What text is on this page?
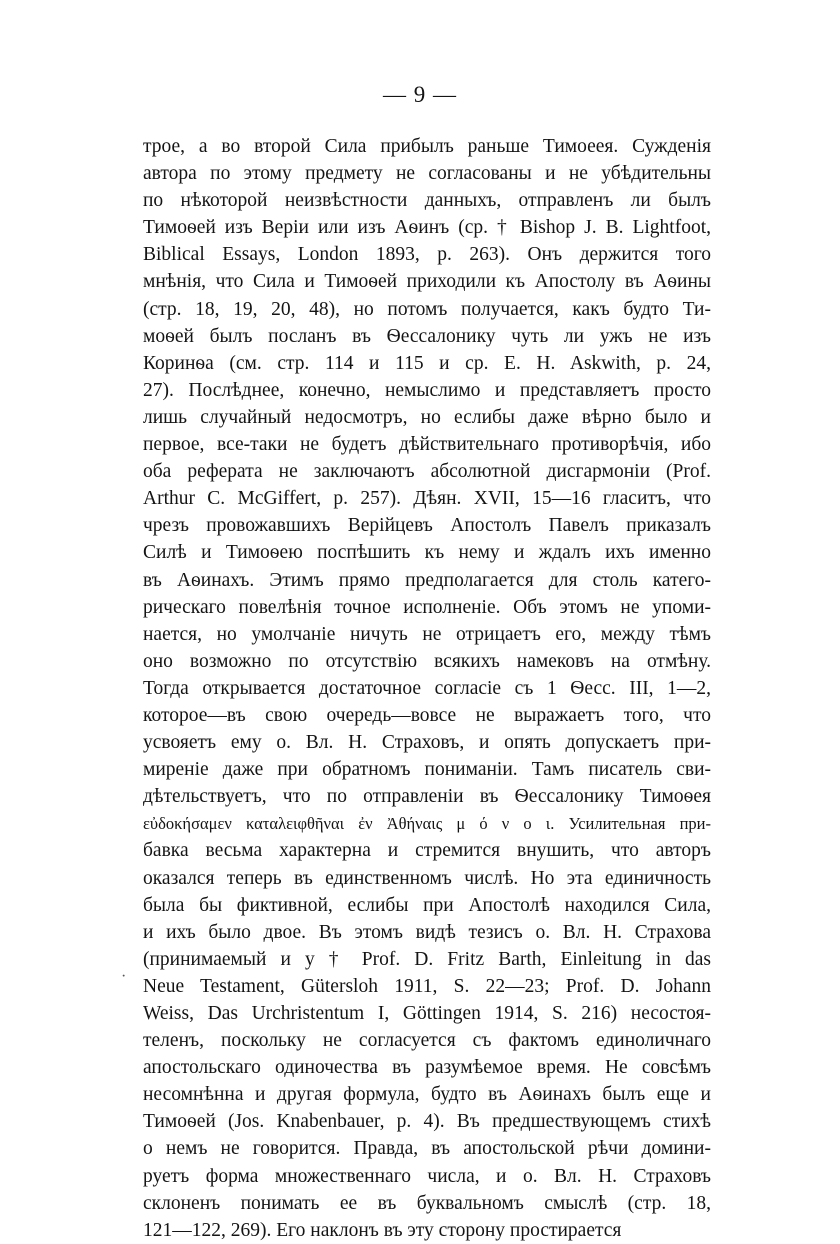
— 9 —
·
трое, а во второй Сила прибылъ раньше Тимоеея. Сужденія
автора по этому предмету не согласованы и не убѣдительны
по нѣкоторой неизвѣстности данныхъ, отправленъ ли былъ
Тимоѳей изъ Веріи или изъ Аѳинъ (ср. † Bishop J. B. Lightfoot,
Biblical Essays, London 1893, p. 263). Онъ держится того
мнѣнія, что Сила и Тимоѳей приходили къ Апостолу въ Аѳины
(стр. 18, 19, 20, 48), но потомъ получается, какъ будто Ти-
моѳей былъ посланъ въ Ѳессалонику чуть ли ужъ не изъ
Коринѳа (см. стр. 114 и 115 и ср. E. H. Askwith, p. 24,
27). Послѣднее, конечно, немыслимо и представляетъ просто
лишь случайный недосмотръ, но еслибы даже вѣрно было и
первое, все-таки не будетъ дѣйствительнаго противорѣчія, ибо
оба реферата не заключаютъ абсолютной дисгармоніи (Prof.
Arthur C. McGiffert, p. 257). Дѣян. XVII, 15—16 гласитъ, что
чрезъ провожавшихъ Верійцевъ Апостолъ Павелъ приказалъ
Силѣ и Тимоѳею поспѣшить къ нему и ждалъ ихъ именно
въ Аѳинахъ. Этимъ прямо предполагается для столь катего-
рическаго повелѣнія точное исполненіе. Объ этомъ не упоми-
нается, но умолчаніе ничуть не отрицаетъ его, между тѣмъ
оно возможно по отсутствію всякихъ намековъ на отмѣну.
Тогда открывается достаточное согласіе съ 1 Ѳесс. III, 1—2,
которое—въ свою очередь—вовсе не выражаетъ того, что
усвояетъ ему о. Вл. Н. Страховъ, и опять допускаетъ при-
миреніе даже при обратномъ пониманіи. Тамъ писатель сви-
дѣтельствуетъ, что по отправленіи въ Ѳессалонику Тимоѳея
εὐδοκήσαμεν καταλειφθῆναι ἐν Ἀθήναις μ ό ν ο ι. Усилительная при-
бавка весьма характерна и стремится внушить, что авторъ
оказался теперь въ единственномъ числѣ. Но эта единичность
была бы фиктивной, еслибы при Апостолѣ находился Сила,
и ихъ было двое. Въ этомъ видѣ тезисъ о. Вл. Н. Страхова
(принимаемый и у † Prof. D. Fritz Barth, Einleitung in das
Neue Testament, Gütersloh 1911, S. 22—23; Prof. D. Johann
Weiss, Das Urchristentum I, Göttingen 1914, S. 216) несостоя-
теленъ, поскольку не согласуется съ фактомъ единоличнаго
апостольскаго одиночества въ разумѣемое время. Не совсѣмъ
несомнѣнна и другая формула, будто въ Аѳинахъ былъ еще и
Тимоѳей (Jos. Knabenbauer, p. 4). Въ предшествующемъ стихѣ
о немъ не говорится. Правда, въ апостольской рѣчи домини-
руетъ форма множественнаго числа, и о. Вл. Н. Страховъ
склоненъ понимать ее въ буквальномъ смыслѣ (стр. 18,
121—122, 269). Его наклонъ въ эту сторону простирается
